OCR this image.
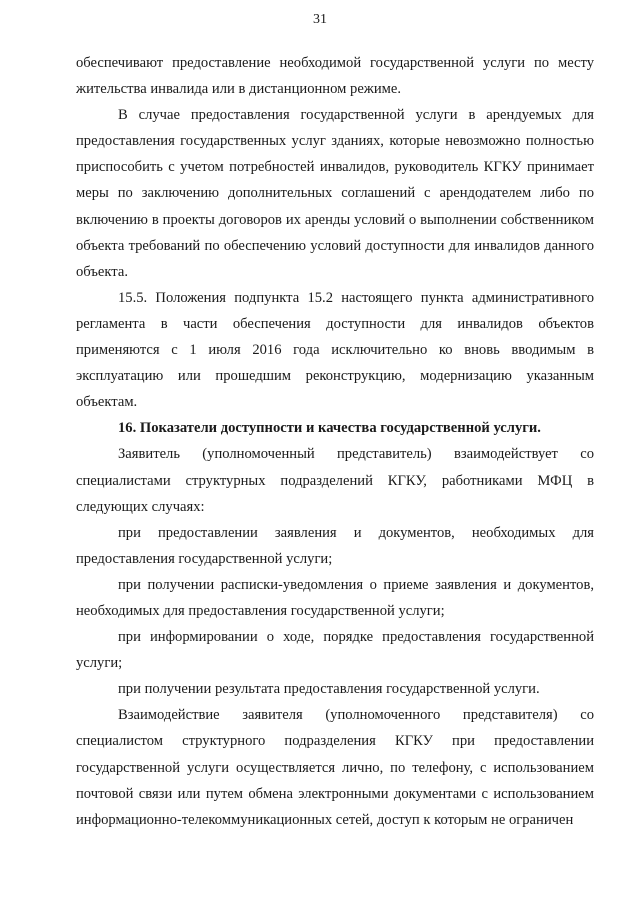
31

обеспечивают предоставление необходимой государственной услуги по месту жительства инвалида или в дистанционном режиме.

В случае предоставления государственной услуги в арендуемых для предоставления государственных услуг зданиях, которые невозможно полностью приспособить с учетом потребностей инвалидов, руководитель КГКУ принимает меры по заключению дополнительных соглашений с арендодателем либо по включению в проекты договоров их аренды условий о выполнении собственником объекта требований по обеспечению условий доступности для инвалидов данного объекта.

15.5. Положения подпункта 15.2 настоящего пункта административного регламента в части обеспечения доступности для инвалидов объектов применяются с 1 июля 2016 года исключительно ко вновь вводимым в эксплуатацию или прошедшим реконструкцию, модернизацию указанным объектам.

16. Показатели доступности и качества государственной услуги.

Заявитель (уполномоченный представитель) взаимодействует со специалистами структурных подразделений КГКУ, работниками МФЦ в следующих случаях:

при предоставлении заявления и документов, необходимых для предоставления государственной услуги;

при получении расписки-уведомления о приеме заявления и документов, необходимых для предоставления государственной услуги;

при информировании о ходе, порядке предоставления государственной услуги;

при получении результата предоставления государственной услуги.

Взаимодействие заявителя (уполномоченного представителя) со специалистом структурного подразделения КГКУ при предоставлении государственной услуги осуществляется лично, по телефону, с использованием почтовой связи или путем обмена электронными документами с использованием информационно-телекоммуникационных сетей, доступ к которым не ограничен
